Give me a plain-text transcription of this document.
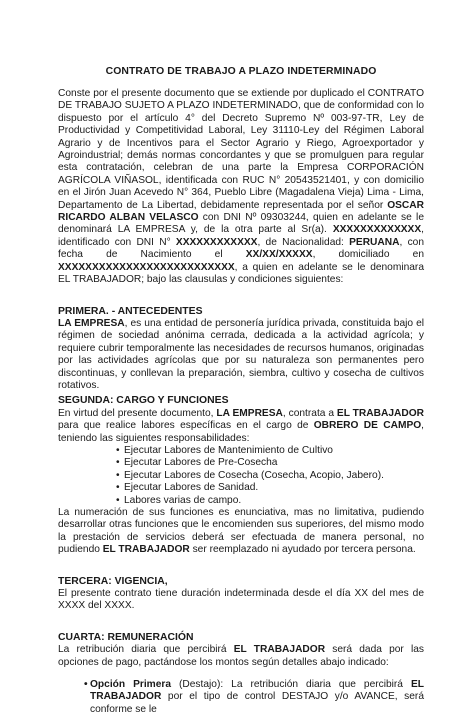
CONTRATO DE TRABAJO A PLAZO INDETERMINADO

Conste por el presente documento que se extiende por duplicado el CONTRATO DE TRABAJO SUJETO A PLAZO INDETERMINADO, que de conformidad con lo dispuesto por el artículo 4° del Decreto Supremo Nº 003-97-TR, Ley de Productividad y Competitividad Laboral, Ley 31110-Ley del Régimen Laboral Agrario y de Incentivos para el Sector Agrario y Riego, Agroexportador y Agroindustrial; demás normas concordantes y que se promulguen para regular esta contratación, celebran de una parte la Empresa CORPORACIÓN AGRÍCOLA VIÑASOL, identificada con RUC N° 20543521401, y con domicilio en el Jirón Juan Acevedo N° 364, Pueblo Libre (Magadalena Vieja) Lima - Lima, Departamento de La Libertad, debidamente representada por el señor OSCAR RICARDO ALBAN VELASCO con DNI Nº 09303244, quien en adelante se le denominará LA EMPRESA y, de la otra parte al Sr(a). XXXXXXXXXXXXX, identificado con DNI N° XXXXXXXXXXXX, de Nacionalidad: PERUANA, con fecha de Nacimiento el XX/XX/XXXXX, domiciliado en XXXXXXXXXXXXXXXXXXXXXXXXXX, a quien en adelante se le denominara EL TRABAJADOR; bajo las clausulas y condiciones siguientes:

PRIMERA. - ANTECEDENTES

LA EMPRESA, es una entidad de personería jurídica privada, constituida bajo el régimen de sociedad anónima cerrada, dedicada a la actividad agrícola; y requiere cubrir temporalmente las necesidades de recursos humanos, originadas por las actividades agrícolas que por su naturaleza son permanentes pero discontinuas, y conllevan la preparación, siembra, cultivo y cosecha de cultivos rotativos.

SEGUNDA: CARGO Y FUNCIONES

En virtud del presente documento, LA EMPRESA, contrata a EL TRABAJADOR para que realice labores específicas en el cargo de OBRERO DE CAMPO, teniendo las siguientes responsabilidades:

• Ejecutar Labores de Mantenimiento de Cultivo
• Ejecutar Labores de Pre-Cosecha
• Ejecutar Labores de Cosecha (Cosecha, Acopio, Jabero).
• Ejecutar Labores de Sanidad.
• Labores varias de campo.

La numeración de sus funciones es enunciativa, mas no limitativa, pudiendo desarrollar otras funciones que le encomienden sus superiores, del mismo modo la prestación de servicios deberá ser efectuada de manera personal, no pudiendo EL TRABAJADOR ser reemplazado ni ayudado por tercera persona.

TERCERA: VIGENCIA,

El presente contrato tiene duración indeterminada desde el día XX del mes de XXXX del XXXX.

CUARTA: REMUNERACIÓN

La retribución diaria que percibirá EL TRABAJADOR será dada por las opciones de pago, pactándose los montos según detalles abajo indicado:

• Opción Primera (Destajo): La retribución diaria que percibirá EL TRABAJADOR por el tipo de control DESTAJO y/o AVANCE, será conforme se le
